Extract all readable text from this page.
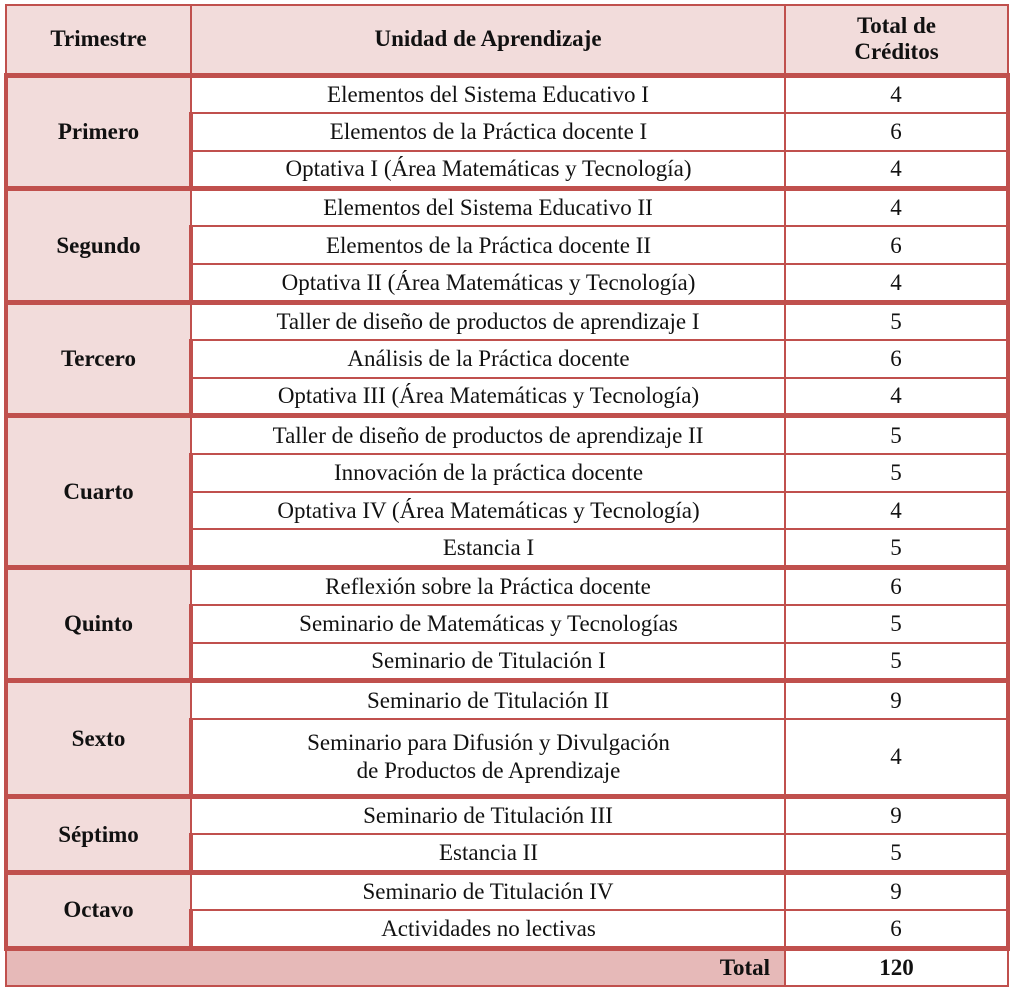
Trimestre	Unidad de Aprendizaje	Total de
Créditos
Primero	Elementos del Sistema Educativo I	4
	Elementos de la Práctica docente I	6
	Optativa I (Área Matemáticas y Tecnología)	4
Segundo	Elementos del Sistema Educativo II	4
	Elementos de la Práctica docente II	6
	Optativa II (Área Matemáticas y Tecnología)	4
Tercero	Taller de diseño de productos de aprendizaje I	5
	Análisis de la Práctica docente	6
	Optativa III (Área Matemáticas y Tecnología)	4
Cuarto	Taller de diseño de productos de aprendizaje II	5
	Innovación de la práctica docente	5
	Optativa IV (Área Matemáticas y Tecnología)	4
	Estancia I	5
Quinto	Reflexión sobre la Práctica docente	6
	Seminario de Matemáticas y Tecnologías	5
	Seminario de Titulación I	5
Sexto	Seminario de Titulación II	9
	Seminario para Difusión y Divulgación
de Productos de Aprendizaje	4
Séptimo	Seminario de Titulación III	9
	Estancia II	5
Octavo	Seminario de Titulación IV	9
	Actividades no lectivas	6
Total		120
